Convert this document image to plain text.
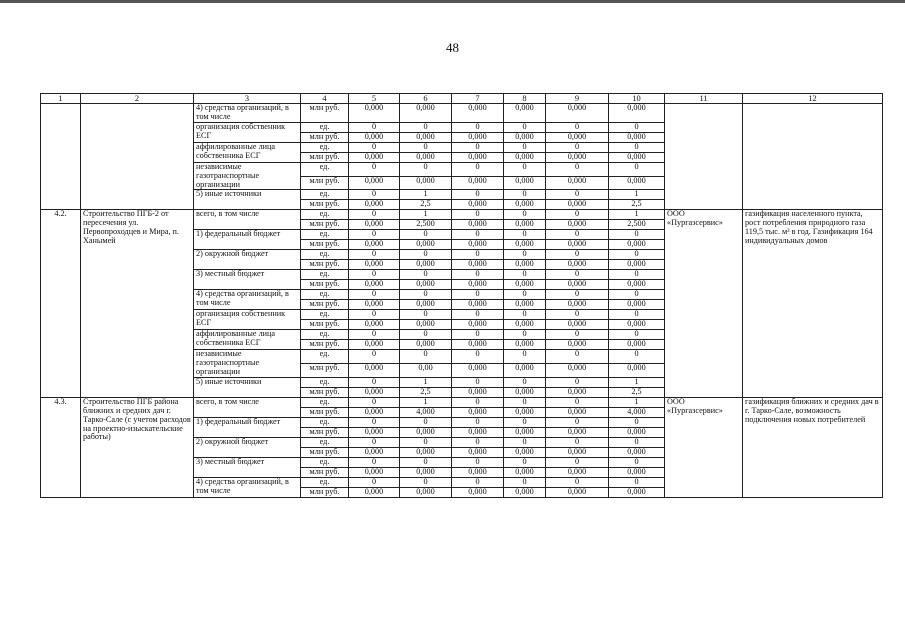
48
1	2	3	4	5	6	7	8	9	10	11	12
		4) средства организаций, в том числе	млн руб.	0,000	0,000	0,000	0,000	0,000	0,000		
		организация собственник ЕСГ	ед.	0	0	0	0	0	0		
			млн руб.	0,000	0,000	0,000	0,000	0,000	0,000		
		аффилированные лица собственника ЕСГ	ед.	0	0	0	0	0	0		
			млн руб.	0,000	0,000	0,000	0,000	0,000	0,000		
		независимые газотранспортные организации	ед.	0	0	0	0	0	0		
			млн руб.	0,000	0,000	0,000	0,000	0,000	0,000		
		5) иные источники	ед.	0	1	0	0	0	1		
			млн руб.	0,000	2,5	0,000	0,000	0,000	2,5		
4.2.	Строительство ПГБ-2 от пересечения ул. Первопроходцев и Мира, п. Ханымей	всего, в том числе	ед.	0	1	0	0	0	1	ООО «Пургазсервис»	газификация населенного пункта, рост потребления природного газа 119,5 тыс. м³ в год. Газификация 164 индивидуальных домов
			млн руб.	0,000	2,500	0,000	0,000	0,000	2,500		
		1) федеральный бюджет	ед.	0	0	0	0	0	0		
			млн руб.	0,000	0,000	0,000	0,000	0,000	0,000		
		2) окружной бюджет	ед.	0	0	0	0	0	0		
			млн руб.	0,000	0,000	0,000	0,000	0,000	0,000		
		3) местный бюджет	ед.	0	0	0	0	0	0		
			млн руб.	0,000	0,000	0,000	0,000	0,000	0,000		
		4) средства организаций, в том числе	ед.	0	0	0	0	0	0		
			млн руб.	0,000	0,000	0,000	0,000	0,000	0,000		
		организация собственник ЕСГ	ед.	0	0	0	0	0	0		
			млн руб.	0,000	0,000	0,000	0,000	0,000	0,000		
		аффилированные лица собственника ЕСГ	ед.	0	0	0	0	0	0		
			млн руб.	0,000	0,000	0,000	0,000	0,000	0,000		
		независимые газотранспортные организации	ед.	0	0	0	0	0	0		
			млн руб.	0,000	0,00	0,000	0,000	0,000	0,000		
		5) иные источники	ед.	0	1	0	0	0	1		
			млн руб.	0,000	2,5	0,000	0,000	0,000	2,5		
4.3.	Строительство ПГБ района ближних и средних дач г. Тарко-Сале (с учетом расходов на проектно-изыскательские работы)	всего, в том числе	ед.	0	1	0	0	0	1	ООО «Пургазсервис»	газификация ближних и средних дач в г. Тарко-Сале, возможность подключения новых потребителей
			млн руб.	0,000	4,000	0,000	0,000	0,000	4,000		
		1) федеральный бюджет	ед.	0	0	0	0	0	0		
			млн руб.	0,000	0,000	0,000	0,000	0,000	0,000		
		2) окружной бюджет	ед.	0	0	0	0	0	0		
			млн руб.	0,000	0,000	0,000	0,000	0,000	0,000		
		3) местный бюджет	ед.	0	0	0	0	0	0		
			млн руб.	0,000	0,000	0,000	0,000	0,000	0,000		
		4) средства организаций, в том числе	ед.	0	0	0	0	0	0		
			млн руб.	0,000	0,000	0,000	0,000	0,000	0,000		
